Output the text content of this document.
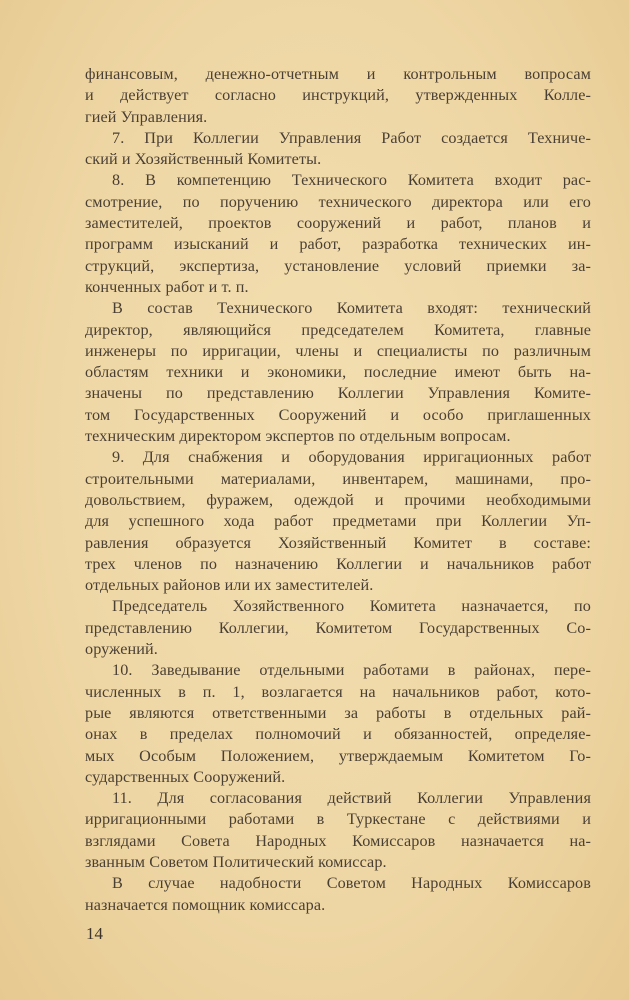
финансовым, денежно-отчетным и контрольным вопросам
и действует согласно инструкций, утвержденных Колле-
гией Управления.
7. При Коллегии Управления Работ создается Техниче-
ский и Хозяйственный Комитеты.
8. В компетенцию Технического Комитета входит рас-
смотрение, по поручению технического директора или его
заместителей, проектов сооружений и работ, планов и
программ изысканий и работ, разработка технических ин-
струкций, экспертиза, установление условий приемки за-
конченных работ и т. п.
В состав Технического Комитета входят: технический
директор, являющийся председателем Комитета, главные
инженеры по ирригации, члены и специалисты по различным
областям техники и экономики, последние имеют быть на-
значены по представлению Коллегии Управления Комите-
том Государственных Сооружений и особо приглашенных
техническим директором экспертов по отдельным вопросам.
9. Для снабжения и оборудования ирригационных работ
строительными материалами, инвентарем, машинами, про-
довольствием, фуражем, одеждой и прочими необходимыми
для успешного хода работ предметами при Коллегии Уп-
равления образуется Хозяйственный Комитет в составе:
трех членов по назначению Коллегии и начальников работ
отдельных районов или их заместителей.
Председатель Хозяйственного Комитета назначается, по
представлению Коллегии, Комитетом Государственных Со-
оружений.
10. Заведывание отдельными работами в районах, пере-
численных в п. 1, возлагается на начальников работ, кото-
рые являются ответственными за работы в отдельных рай-
онах в пределах полномочий и обязанностей, определяе-
мых Особым Положением, утверждаемым Комитетом Го-
сударственных Сооружений.
11. Для согласования действий Коллегии Управления
ирригационными работами в Туркестане с действиями и
взглядами Совета Народных Комиссаров назначается на-
званным Советом Политический комиссар.
В случае надобности Советом Народных Комиссаров
назначается помощник комиссара.
14
